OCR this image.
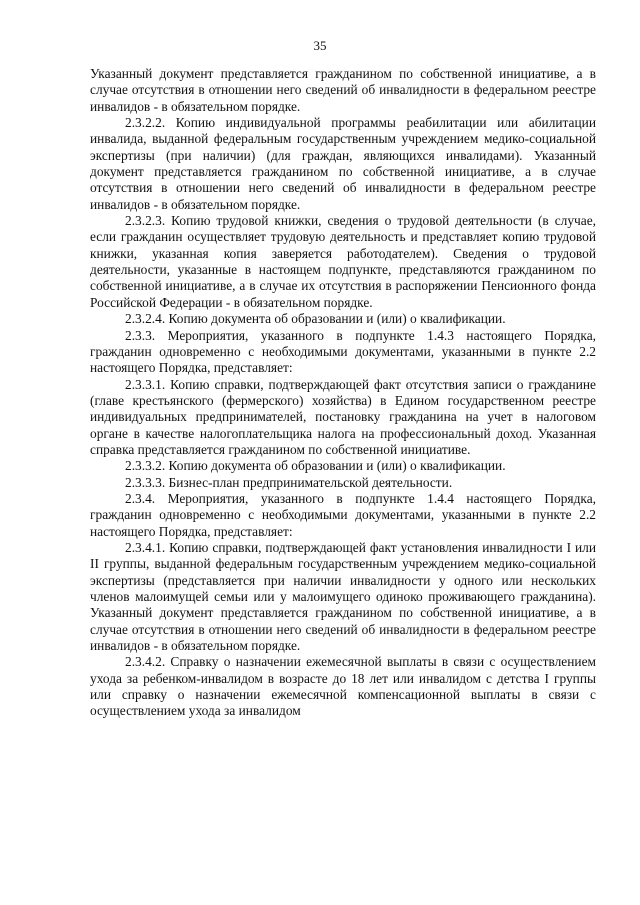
35

Указанный документ представляется гражданином по собственной инициативе, а в случае отсутствия в отношении него сведений об инвалидности в федеральном реестре инвалидов - в обязательном порядке.

2.3.2.2. Копию индивидуальной программы реабилитации или абилитации инвалида, выданной федеральным государственным учреждением медико-социальной экспертизы (при наличии) (для граждан, являющихся инвалидами). Указанный документ представляется гражданином по собственной инициативе, а в случае отсутствия в отношении него сведений об инвалидности в федеральном реестре инвалидов - в обязательном порядке.

2.3.2.3. Копию трудовой книжки, сведения о трудовой деятельности (в случае, если гражданин осуществляет трудовую деятельность и представляет копию трудовой книжки, указанная копия заверяется работодателем). Сведения о трудовой деятельности, указанные в настоящем подпункте, представляются гражданином по собственной инициативе, а в случае их отсутствия в распоряжении Пенсионного фонда Российской Федерации - в обязательном порядке.

2.3.2.4. Копию документа об образовании и (или) о квалификации.

2.3.3. Мероприятия, указанного в подпункте 1.4.3 настоящего Порядка, гражданин одновременно с необходимыми документами, указанными в пункте 2.2 настоящего Порядка, представляет:

2.3.3.1. Копию справки, подтверждающей факт отсутствия записи о гражданине (главе крестьянского (фермерского) хозяйства) в Едином государственном реестре индивидуальных предпринимателей, постановку гражданина на учет в налоговом органе в качестве налогоплательщика налога на профессиональный доход. Указанная справка представляется гражданином по собственной инициативе.

2.3.3.2. Копию документа об образовании и (или) о квалификации.

2.3.3.3. Бизнес-план предпринимательской деятельности.

2.3.4. Мероприятия, указанного в подпункте 1.4.4 настоящего Порядка, гражданин одновременно с необходимыми документами, указанными в пункте 2.2 настоящего Порядка, представляет:

2.3.4.1. Копию справки, подтверждающей факт установления инвалидности I или II группы, выданной федеральным государственным учреждением медико-социальной экспертизы (представляется при наличии инвалидности у одного или нескольких членов малоимущей семьи или у малоимущего одиноко проживающего гражданина). Указанный документ представляется гражданином по собственной инициативе, а в случае отсутствия в отношении него сведений об инвалидности в федеральном реестре инвалидов - в обязательном порядке.

2.3.4.2. Справку о назначении ежемесячной выплаты в связи с осуществлением ухода за ребенком-инвалидом в возрасте до 18 лет или инвалидом с детства I группы или справку о назначении ежемесячной компенсационной выплаты в связи с осуществлением ухода за инвалидом
